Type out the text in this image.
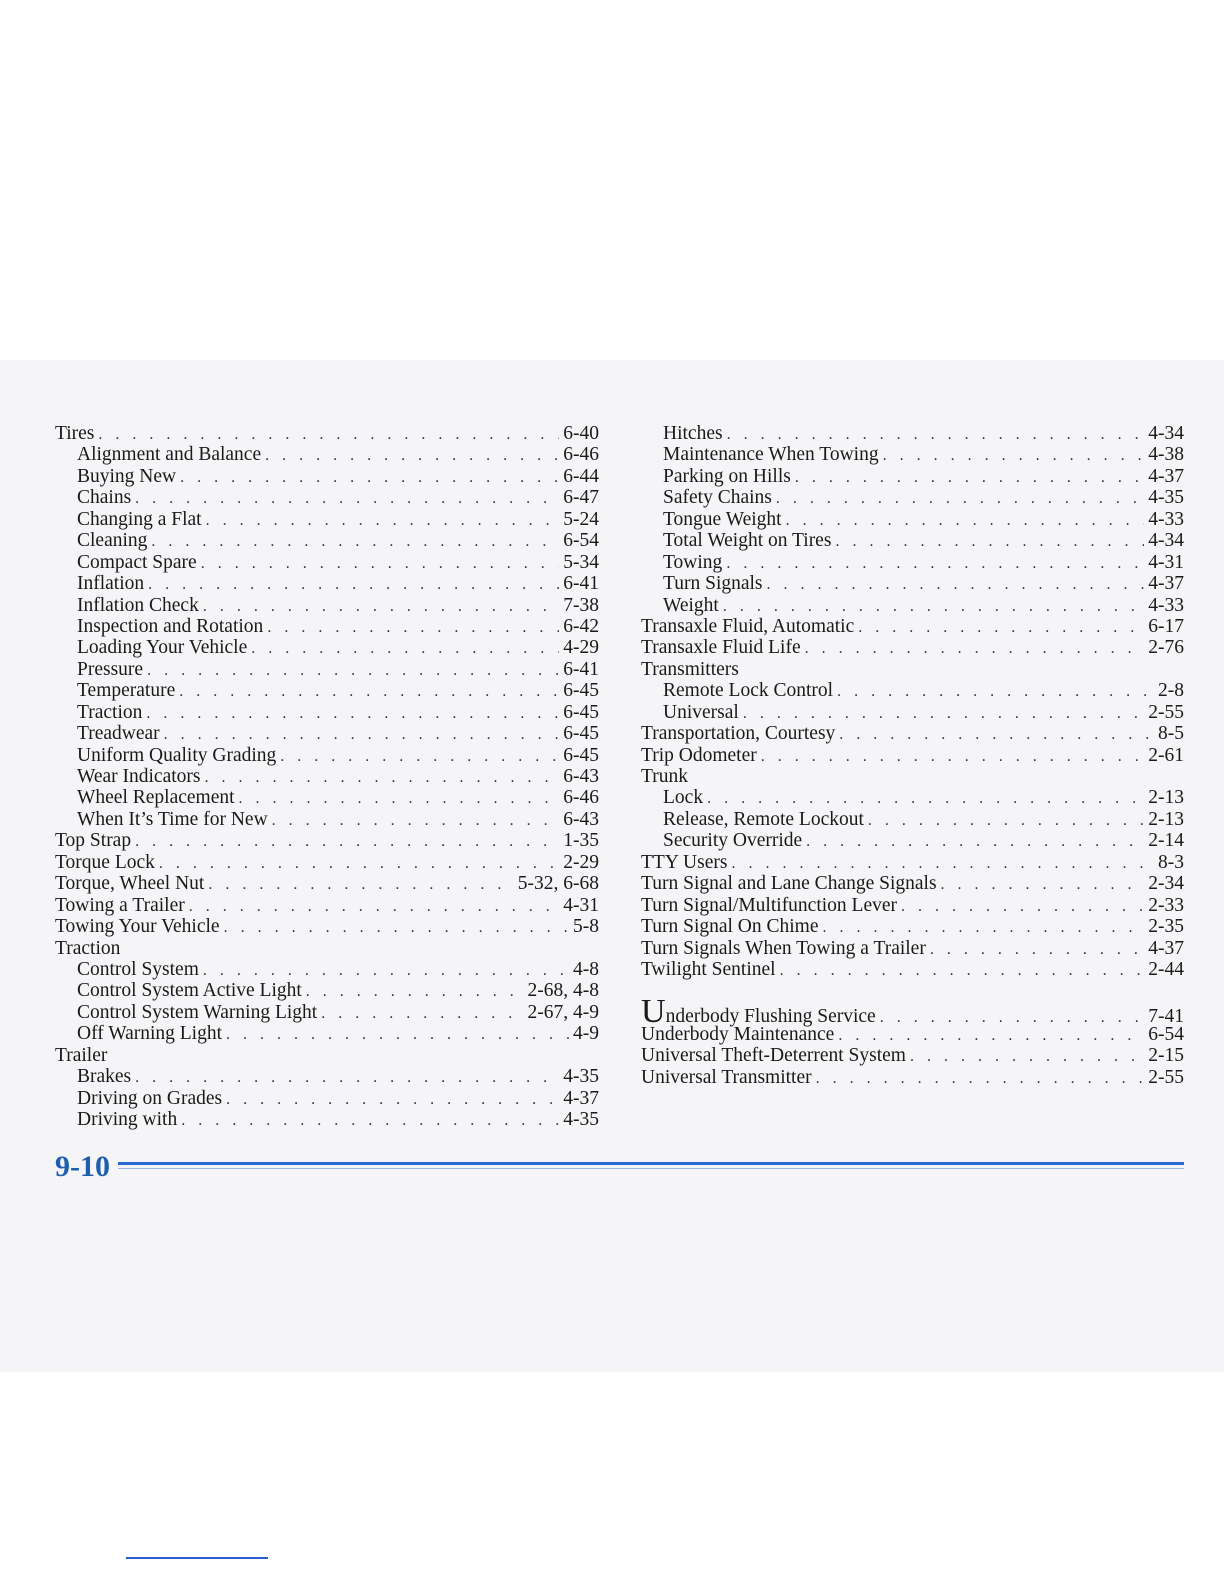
Tires . . .	6-40
Alignment and Balance . . .	6-46
Buying New . . .	6-44
Chains . . .	6-47
Changing a Flat . . .	5-24
Cleaning . . .	6-54
Compact Spare . . .	5-34
Inflation . . .	6-41
Inflation Check . . .	7-38
Inspection and Rotation . . .	6-42
Loading Your Vehicle . . .	4-29
Pressure . . .	6-41
Temperature . . .	6-45
Traction . . .	6-45
Treadwear . . .	6-45
Uniform Quality Grading . . .	6-45
Wear Indicators . . .	6-43
Wheel Replacement . . .	6-46
When It’s Time for New . . .	6-43
Top Strap . . .	1-35
Torque Lock . . .	2-29
Torque, Wheel Nut . . .	5-32, 6-68
Towing a Trailer . . .	4-31
Towing Your Vehicle . . .	5-8
Traction
Control System . . .	4-8
Control System Active Light . . .	2-68, 4-8
Control System Warning Light . . .	2-67, 4-9
Off Warning Light . . .	4-9
Trailer
Brakes . . .	4-35
Driving on Grades . . .	4-37
Driving with . . .	4-35
Hitches . . .	4-34
Maintenance When Towing . . .	4-38
Parking on Hills . . .	4-37
Safety Chains . . .	4-35
Tongue Weight . . .	4-33
Total Weight on Tires . . .	4-34
Towing . . .	4-31
Turn Signals . . .	4-37
Weight . . .	4-33
Transaxle Fluid, Automatic . . .	6-17
Transaxle Fluid Life . . .	2-76
Transmitters
Remote Lock Control . . .	2-8
Universal . . .	2-55
Transportation, Courtesy . . .	8-5
Trip Odometer . . .	2-61
Trunk
Lock . . .	2-13
Release, Remote Lockout . . .	2-13
Security Override . . .	2-14
TTY Users . . .	8-3
Turn Signal and Lane Change Signals . . .	2-34
Turn Signal/Multifunction Lever . . .	2-33
Turn Signal On Chime . . .	2-35
Turn Signals When Towing a Trailer . . .	4-37
Twilight Sentinel . . .	2-44
Underbody Flushing Service . . .	7-41
Underbody Maintenance . . .	6-54
Universal Theft-Deterrent System . . .	2-15
Universal Transmitter . . .	2-55
9-10
